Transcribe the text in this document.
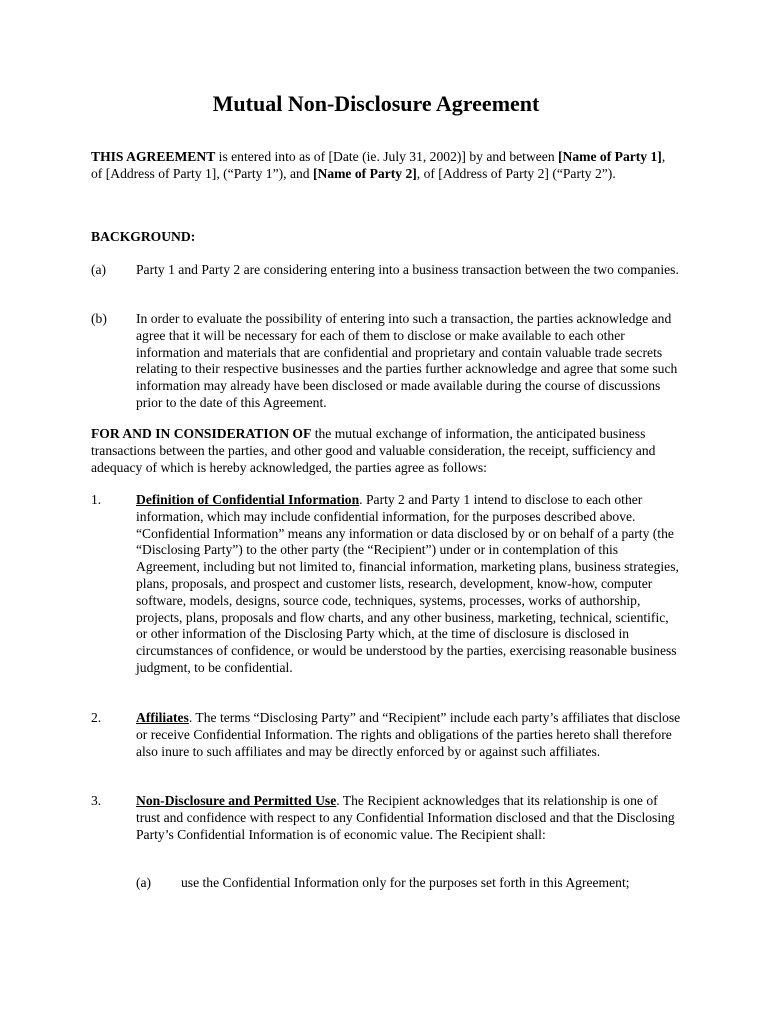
Mutual Non-Disclosure Agreement

THIS AGREEMENT is entered into as of [Date (ie. July 31, 2002)] by and between [Name of Party 1], of [Address of Party 1], (“Party 1”), and [Name of Party 2], of [Address of Party 2] (“Party 2”).

BACKGROUND:
(a) Party 1 and Party 2 are considering entering into a business transaction between the two companies.

(b) In order to evaluate the possibility of entering into such a transaction, the parties acknowledge and agree that it will be necessary for each of them to disclose or make available to each other information and materials that are confidential and proprietary and contain valuable trade secrets relating to their respective businesses and the parties further acknowledge and agree that some such information may already have been disclosed or made available during the course of discussions prior to the date of this Agreement.

FOR AND IN CONSIDERATION OF the mutual exchange of information, the anticipated business transactions between the parties, and other good and valuable consideration, the receipt, sufficiency and adequacy of which is hereby acknowledged, the parties agree as follows:

1.	Definition of Confidential Information. Party 2 and Party 1 intend to disclose to each other information, which may include confidential information, for the purposes described above. “Confidential Information” means any information or data disclosed by or on behalf of a party (the “Disclosing Party”) to the other party (the “Recipient”) under or in contemplation of this Agreement, including but not limited to, financial information, marketing plans, business strategies, plans, proposals, and prospect and customer lists, research, development, know-how, computer software, models, designs, source code, techniques, systems, processes, works of authorship, projects, plans, proposals and flow charts, and any other business, marketing, technical, scientific, or other information of the Disclosing Party which, at the time of disclosure is disclosed in circumstances of confidence, or would be understood by the parties, exercising reasonable business judgment, to be confidential.

2.	Affiliates. The terms “Disclosing Party” and “Recipient” include each party’s affiliates that disclose or receive Confidential Information. The rights and obligations of the parties hereto shall therefore also inure to such affiliates and may be directly enforced by or against such affiliates.

3.	Non-Disclosure and Permitted Use. The Recipient acknowledges that its relationship is one of trust and confidence with respect to any Confidential Information disclosed and that the Disclosing Party’s Confidential Information is of economic value. The Recipient shall:

(a) use the Confidential Information only for the purposes set forth in this Agreement;
